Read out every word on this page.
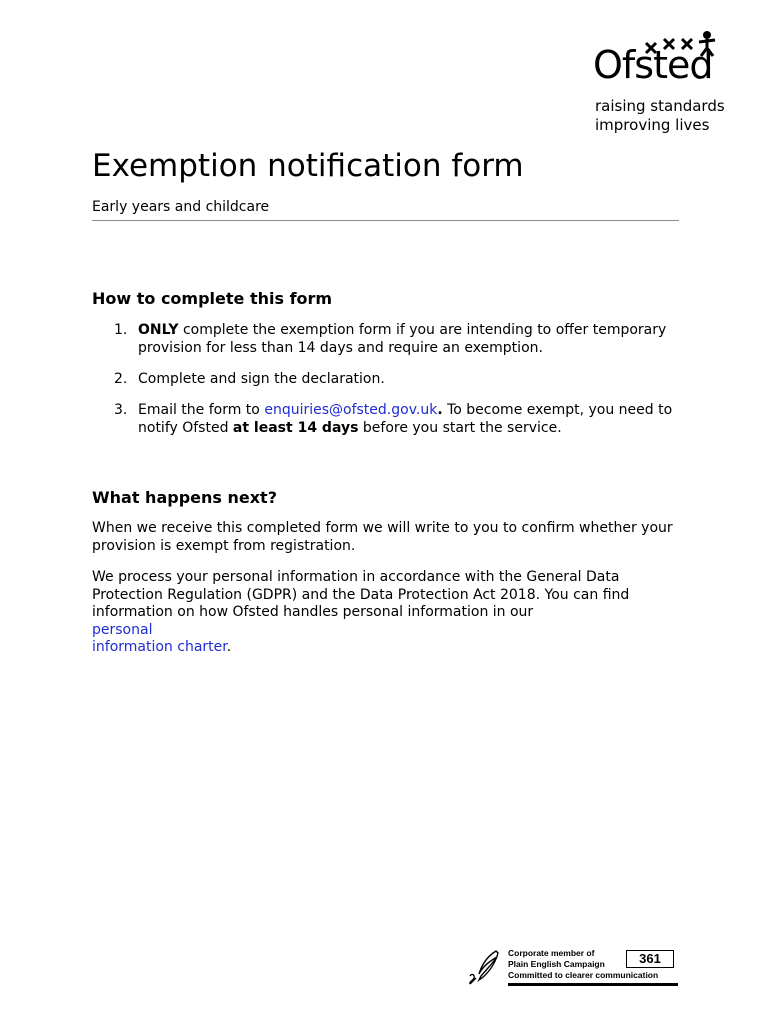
Ofsted
raising standards
improving lives
Exemption notification form

Early years and childcare

How to complete this form
1. ONLY complete the exemption form if you are intending to offer temporary provision for less than 14 days and require an exemption.

2. Complete and sign the declaration.

3. Email the form to enquiries@ofsted.gov.uk. To become exempt, you need to notify Ofsted at least 14 days before you start the service.

What happens next?

When we receive this completed form we will write to you to confirm whether your provision is exempt from registration.

We process your personal information in accordance with the General Data Protection Regulation (GDPR) and the Data Protection Act 2018. You can find information on how Ofsted handles personal information in our
personal
information charter.

Corporate member of
Plain English Campaign
Committed to clearer communication
361
